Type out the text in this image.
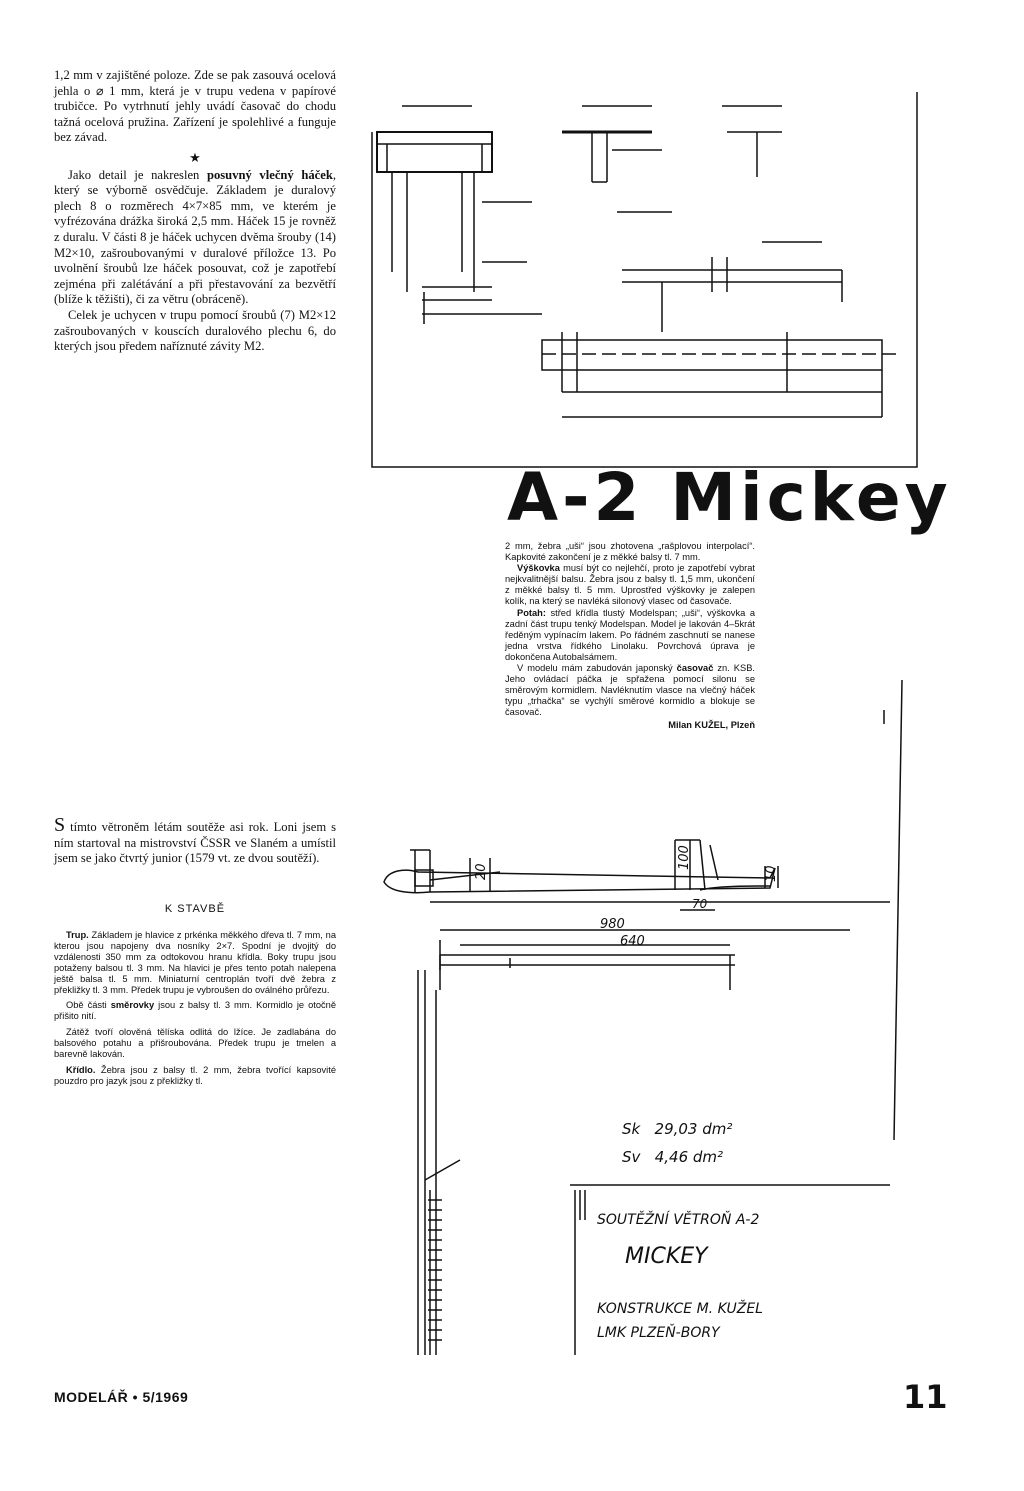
1,2 mm v zajištěné poloze. Zde se pak zasouvá ocelová jehla o ⌀ 1 mm, která je v trupu vedena v papírové trubičce. Po vytrhnutí jehly uvádí časovač do chodu tažná ocelová pružina. Zařízení je spolehlivé a funguje bez závad.

★

Jako detail je nakreslen posuvný vlečný háček, který se výborně osvědčuje. Základem je duralový plech 8 o rozměrech 4×7×85 mm, ve kterém je vyfrézována drážka široká 2,5 mm. Háček 15 je rovněž z duralu. V části 8 je háček uchycen dvěma šrouby (14) M2×10, zašroubovanými v duralové příložce 13. Po uvolnění šroubů lze háček posouvat, což je zapotřebí zejména při zalétávání a při přestavování za bezvětří (blíže k těžišti), či za větru (obráceně).

Celek je uchycen v trupu pomocí šroubů (7) M2×12 zašroubovaných v kouscích duralového plechu 6, do kterých jsou předem naříznuté závity M2.

A-2 Mickey

2 mm, žebra „uši“ jsou zhotovena „rašplovou interpolací“. Kapkovité zakončení je z měkké balsy tl. 7 mm.

Výškovka musí být co nejlehčí, proto je zapotřebí vybrat nejkvalitnější balsu. Žebra jsou z balsy tl. 1,5 mm, ukončení z měkké balsy tl. 5 mm. Uprostřed výškovky je zalepen kolík, na který se navléká silonový vlasec od časovače.

Potah: střed křídla tlustý Modelspan; „uši“, výškovka a zadní část trupu tenký Modelspan. Model je lakován 4–5krát ředěným vypínacím lakem. Po řádném zaschnutí se nanese jedna vrstva řídkého Linolaku. Povrchová úprava je dokončena Autobalsámem.

V modelu mám zabudován japonský časovač zn. KSB. Jeho ovládací páčka je spřažena pomocí silonu se směrovým kormidlem. Navléknutím vlasce na vlečný háček typu „trhačka“ se vychýlí směrové kormidlo a blokuje se časovač.

Milan KUŽEL, Plzeň

S tímto větroněm létám soutěže asi rok. Loni jsem s ním startoval na mistrovství ČSSR ve Slaném a umístil jsem se jako čtvrtý junior (1579 vt. ze dvou soutěží).
K STAVBĚ

Trup. Základem je hlavice z prkénka měkkého dřeva tl. 7 mm, na kterou jsou napojeny dva nosníky 2×7. Spodní je dvojitý do vzdálenosti 350 mm za odtokovou hranu křídla. Boky trupu jsou potaženy balsou tl. 3 mm. Na hlavici je přes tento potah nalepena ještě balsa tl. 5 mm. Miniaturní centroplán tvoří dvě žebra z překližky tl. 3 mm. Předek trupu je vybroušen do oválného průřezu.

Obě části směrovky jsou z balsy tl. 3 mm. Kormidlo je otočně přišito nití.

Zátěž tvoří olověná tělíska odlitá do lžíce. Je zadlabána do balsového potahu a přišroubována. Předek trupu je tmelen a barevně lakován.

Křídlo. Žebra jsou z balsy tl. 2 mm, žebra tvořící kapsovité pouzdro pro jazyk jsou z překližky tl.

20
100
10
70
980
640
Sk 29,03 dm²
Sv 4,46 dm²
SOUTĚŽNÍ VĚTROŇ A-2
MICKEY
KONSTRUKCE M. KUŽEL
LMK PLZEŇ-BORY
MODELÁŘ • 5/1969	11
